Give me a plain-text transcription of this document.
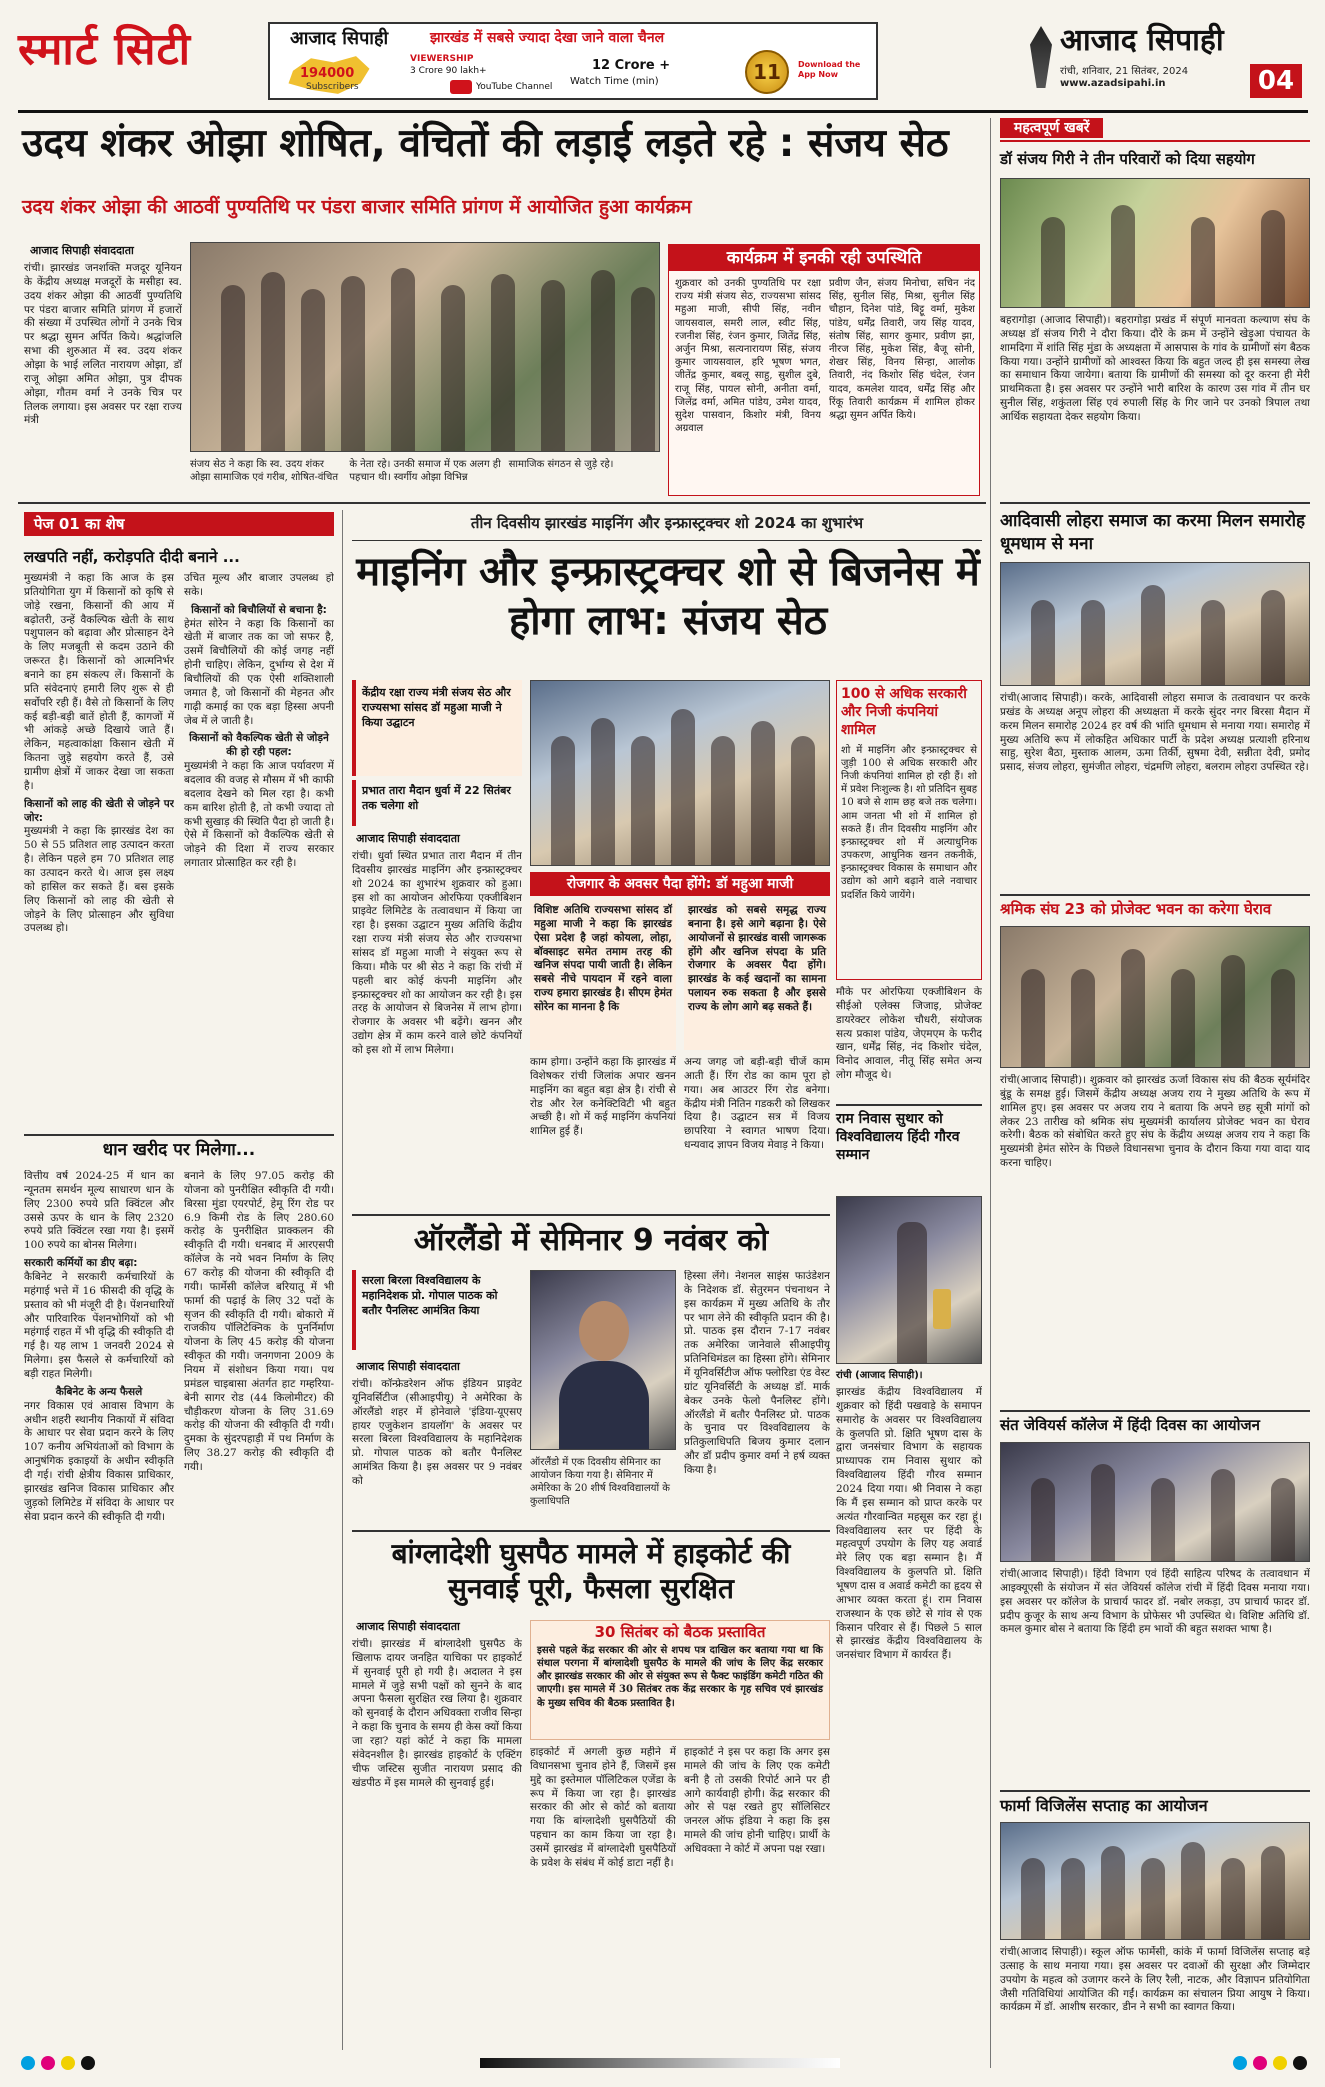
स्मार्ट सिटी	आजाद सिपाही	झारखंड में सबसे ज्यादा देखा जाने वाला चैनल
194000
Subscribers
VIEWERSHIP
3 Crore 90 lakh+
YouTube Channel
12 Crore +
Watch Time (min)	11	Download the App Now
आजाद सिपाही
रांची, शनिवार, 21 सितंबर, 2024
www.azadsipahi.in	04
उदय शंकर ओझा शोषित, वंचितों की लड़ाई लड़ते रहे : संजय सेठ
उदय शंकर ओझा की आठवीं पुण्यतिथि पर पंडरा बाजार समिति प्रांगण में आयोजित हुआ कार्यक्रम
आजाद सिपाही संवाददाता
रांची। झारखंड जनशक्ति मजदूर यूनियन के केंद्रीय अध्यक्ष मजदूरों के मसीहा स्व. उदय शंकर ओझा की आठवीं पुण्यतिथि पर पंडरा बाजार समिति प्रांगण में हजारों की संख्या में उपस्थित लोगों ने उनके चित्र पर श्रद्धा सुमन अर्पित किये। श्रद्धांजलि सभा की शुरुआत में स्व. उदय शंकर ओझा के भाई ललित नारायण ओझा, डॉ राजू ओझा अमित ओझा, पुत्र दीपक ओझा, गौतम वर्मा ने उनके चित्र पर तिलक लगाया। इस अवसर पर रक्षा राज्य मंत्री
संजय सेठ ने कहा कि स्व. उदय शंकर ओझा सामाजिक एवं गरीब, शोषित-वंचित के नेता रहे। उनकी समाज में एक अलग ही पहचान थी। स्वर्गीय ओझा विभिन्न सामाजिक संगठन से जुड़े रहे।
कार्यक्रम में इनकी रही उपस्थिति
शुक्रवार को उनकी पुण्यतिथि पर रक्षा राज्य मंत्री संजय सेठ, राज्यसभा सांसद महुआ माजी, सीपी सिंह, नवीन जायसवाल, समरी लाल, स्वीट सिंह, रजनीश सिंह, रंजन कुमार, जितेंद्र सिंह, अर्जुन मिश्रा, सत्यनारायण सिंह, संजय कुमार जायसवाल, हरि भूषण भगत, जीतेंद्र कुमार, बबलू साहु, सुशील दुबे, राजू सिंह, पायल सोनी, अनीता वर्मा, जिलेंद्र वर्मा, अमित पांडेय, उमेश यादव, सुदेश पासवान, किशोर मंत्री, विनय अग्रवाल
प्रवीण जैन, संजय मिनोचा, सचिन नंद सिंह, सुनील सिंह, मिश्रा, सुनील सिंह चौहान, दिनेश पांडे, बिट्टू वर्मा, मुकेश पांडेय, धर्मेंद्र तिवारी, जय सिंह यादव, संतोष सिंह, सागर कुमार, प्रवीण झा, नीरज सिंह, मुकेश सिंह, बैजू सोनी, शेखर सिंह, विनय सिन्हा, आलोक तिवारी, नंद किशोर सिंह चंदेल, रंजन यादव, कमलेश यादव, धर्मेंद्र सिंह और रिंकू तिवारी कार्यक्रम में शामिल होकर श्रद्धा सुमन अर्पित किये।
महत्वपूर्ण खबरें
डॉ संजय गिरी ने तीन परिवारों को दिया सहयोग
बहरागोड़ा (आजाद सिपाही)। बहरागोड़ा प्रखंड में संपूर्ण मानवता कल्याण संघ के अध्यक्ष डॉ संजय गिरी ने दौरा किया। दौरे के क्रम में उन्होंने खेड़ुआ पंचायत के शामदिगा में शांति सिंह मुंडा के अध्यक्षता में आसपास के गांव के ग्रामीणों संग बैठक किया गया। उन्होंने ग्रामीणों को आश्वस्त किया कि बहुत जल्द ही इस समस्या लेख का समाधान किया जायेगा। बताया कि ग्रामीणों की समस्या को दूर करना ही मेरी प्राथमिकता है। इस अवसर पर उन्होंने भारी बारिश के कारण उस गांव में तीन घर सुनील सिंह, शकुंतला सिंह एवं रुपाली सिंह के गिर जाने पर उनको त्रिपाल तथा आर्थिक सहायता देकर सहयोग किया।
आदिवासी लोहरा समाज का करमा मिलन समारोह धूमधाम से मना
रांची(आजाद सिपाही)। करके, आदिवासी लोहरा समाज के तत्वावधान पर करके प्रखंड के अध्यक्ष अनूप लोहरा की अध्यक्षता में करके सुंदर नगर बिरसा मैदान में करम मिलन समारोह 2024 हर वर्ष की भांति धूमधाम से मनाया गया। समारोह में मुख्य अतिथि रूप में लोकहित अधिकार पार्टी के प्रदेश अध्यक्ष प्रत्याशी हरिनाथ साहु, सुरेश बैठा, मुस्ताक आलम, ऊमा तिर्की, सुषमा देवी, सन्नीता देवी, प्रमोद प्रसाद, संजय लोहरा, सुमंजीत लोहरा, चंद्रमणि लोहरा, बलराम लोहरा उपस्थित रहे।
श्रमिक संघ 23 को प्रोजेक्ट भवन का करेगा घेराव
रांची(आजाद सिपाही)। शुक्रवार को झारखंड ऊर्जा विकास संघ की बैठक सूर्यमंदिर बुंडू के समक्ष हुई। जिसमें केंद्रीय अध्यक्ष अजय राय ने मुख्य अतिथि के रूप में शामिल हुए। इस अवसर पर अजय राय ने बताया कि अपने छह सूत्री मांगों को लेकर 23 तारीख को श्रमिक संघ मुख्यमंत्री कार्यालय प्रोजेक्ट भवन का घेराव करेगी। बैठक को संबोधित करते हुए संघ के केंद्रीय अध्यक्ष अजय राय ने कहा कि मुख्यमंत्री हेमंत सोरेन के पिछले विधानसभा चुनाव के दौरान किया गया वादा याद करना चाहिए।
संत जेवियर्स कॉलेज में हिंदी दिवस का आयोजन
रांची(आजाद सिपाही)। हिंदी विभाग एवं हिंदी साहित्य परिषद के तत्वावधान में आइक्यूएसी के संयोजन में संत जेवियर्स कॉलेज रांची में हिंदी दिवस मनाया गया। इस अवसर पर कॉलेज के प्राचार्य फादर डॉ. नबोर लकड़ा, उप प्राचार्य फादर डॉ. प्रदीप कुजूर के साथ अन्य विभाग के प्रोफेसर भी उपस्थित थे। विशिष्ट अतिथि डॉ. कमल कुमार बोस ने बताया कि हिंदी हम भावों की बहुत सशक्त भाषा है।
फार्मा विजिलेंस सप्ताह का आयोजन
रांची(आजाद सिपाही)। स्कूल ऑफ फार्मेसी, कांके में फार्मा विजिलेंस सप्ताह बड़े उत्साह के साथ मनाया गया। इस अवसर पर दवाओं की सुरक्षा और जिम्मेदार उपयोग के महत्व को उजागर करने के लिए रैली, नाटक, और विज्ञापन प्रतियोगिता जैसी गतिविधियां आयोजित की गईं। कार्यक्रम का संचालन प्रिया आयुष ने किया। कार्यक्रम में डॉ. आशीष सरकार, डीन ने सभी का स्वागत किया।
पेज 01 का शेष
लखपति नहीं, करोड़पति दीदी बनाने ...
मुख्यमंत्री ने कहा कि आज के इस प्रतियोगिता युग में किसानों को कृषि से जोड़े रखना, किसानों की आय में बढ़ोतरी, उन्हें वैकल्पिक खेती के साथ पशुपालन को बढ़ावा और प्रोत्साहन देने के लिए मजबूती से कदम उठाने की जरूरत है। किसानों को आत्मनिर्भर बनाने का हम संकल्प लें। किसानों के प्रति संवेदनाएं हमारी लिए शुरू से ही सर्वोपरि रही हैं। वैसे तो किसानों के लिए कई बड़ी-बड़ी बातें होती हैं, कागजों में भी आंकड़े अच्छे दिखाये जाते हैं। लेकिन, महत्वाकांक्षा किसान खेती में कितना जुड़े सहयोग करते हैं, उसे ग्रामीण क्षेत्रों में जाकर देखा जा सकता है।
किसानों को लाह की खेती से जोड़ने पर जोर:
मुख्यमंत्री ने कहा कि झारखंड देश का 50 से 55 प्रतिशत लाह उत्पादन करता है। लेकिन पहले हम 70 प्रतिशत लाह का उत्पादन करते थे। आज इस लक्ष्य को हासिल कर सकते हैं। बस इसके लिए किसानों को लाह की खेती से जोड़ने के लिए प्रोत्साहन और सुविधा उपलब्ध हो।
उचित मूल्य और बाजार उपलब्ध हो सके।
किसानों को बिचौलियों से बचाना है:
हेमंत सोरेन ने कहा कि किसानों का खेती में बाजार तक का जो सफर है, उसमें बिचौलियों की कोई जगह नहीं होनी चाहिए। लेकिन, दुर्भाग्य से देश में बिचौलियों की एक ऐसी शक्तिशाली जमात है, जो किसानों की मेहनत और गाढ़ी कमाई का एक बड़ा हिस्सा अपनी जेब में ले जाती है।
किसानों को वैकल्पिक खेती से जोड़ने की हो रही पहल:
मुख्यमंत्री ने कहा कि आज पर्यावरण में बदलाव की वजह से मौसम में भी काफी बदलाव देखने को मिल रहा है। कभी कम बारिश होती है, तो कभी ज्यादा तो कभी सुखाड़ की स्थिति पैदा हो जाती है। ऐसे में किसानों को वैकल्पिक खेती से जोड़ने की दिशा में राज्य सरकार लगातार प्रोत्साहित कर रही है।
धान खरीद पर मिलेगा...
वित्तीय वर्ष 2024-25 में धान का न्यूनतम समर्थन मूल्य साधारण धान के लिए 2300 रुपये प्रति क्विंटल और उससे ऊपर के धान के लिए 2320 रुपये प्रति क्विंटल रखा गया है। इसमें 100 रुपये का बोनस मिलेगा।
सरकारी कर्मियों का डीए बढ़ा:
कैबिनेट ने सरकारी कर्मचारियों के महंगाई भत्ते में 16 फीसदी की वृद्धि के प्रस्ताव को भी मंजूरी दी है। पेंशनधारियों और पारिवारिक पेंशनभोगियों को भी महंगाई राहत में भी वृद्धि की स्वीकृति दी गई है। यह लाभ 1 जनवरी 2024 से मिलेगा। इस फैसले से कर्मचारियों को बड़ी राहत मिलेगी।
कैबिनेट के अन्य फैसले
नगर विकास एवं आवास विभाग के अधीन शहरी स्थानीय निकायों में संविदा के आधार पर सेवा प्रदान करने के लिए 107 कनीय अभियंताओं को विभाग के आनुषंगिक इकाइयों के अधीन स्वीकृति दी गई। रांची क्षेत्रीय विकास प्राधिकार, झारखंड खनिज विकास प्राधिकार और जुड़को लिमिटेड में संविदा के आधार पर सेवा प्रदान करने की स्वीकृति दी गयी।
बनाने के लिए 97.05 करोड़ की योजना को पुनरीक्षित स्वीकृति दी गयी। बिरसा मुंडा एयरपोर्ट, हेमू रिंग रोड पर 6.9 किमी रोड के लिए 280.60 करोड़ के पुनरीक्षित प्राक्कलन की स्वीकृति दी गयी। धनबाद में आरएसपी कॉलेज के नये भवन निर्माण के लिए 67 करोड़ की योजना की स्वीकृति दी गयी। फार्मेसी कॉलेज बरियातू में भी फार्मा की पढ़ाई के लिए 32 पदों के सृजन की स्वीकृति दी गयी। बोकारो में राजकीय पॉलिटेक्निक के पुनर्निर्माण योजना के लिए 45 करोड़ की योजना स्वीकृत की गयी। जनगणना 2009 के नियम में संशोधन किया गया। पथ प्रमंडल चाइबासा अंतर्गत हाट गम्हरिया-बेनी सागर रोड (44 किलोमीटर) की चौड़ीकरण योजना के लिए 31.69 करोड़ की योजना की स्वीकृति दी गयी। दुमका के सुंदरपहाड़ी में पथ निर्माण के लिए 38.27 करोड़ की स्वीकृति दी गयी।
तीन दिवसीय झारखंड माइनिंग और इन्फ्रास्ट्रक्चर शो 2024 का शुभारंभ
माइनिंग और इन्फ्रास्ट्रक्चर शो से बिजनेस में होगा लाभ: संजय सेठ
केंद्रीय रक्षा राज्य मंत्री संजय सेठ और राज्यसभा सांसद डॉ महुआ माजी ने किया उद्घाटन
प्रभात तारा मैदान धुर्वा में 22 सितंबर तक चलेगा शो
100 से अधिक सरकारी और निजी कंपनियां शामिल
शो में माइनिंग और इन्फ्रास्ट्रक्चर से जुड़ी 100 से अधिक सरकारी और निजी कंपनियां शामिल हो रही हैं। शो में प्रवेश निःशुल्क है। शो प्रतिदिन सुबह 10 बजे से शाम छह बजे तक चलेगा। आम जनता भी शो में शामिल हो सकते हैं। तीन दिवसीय माइनिंग और इन्फ्रास्ट्रक्चर शो में अत्याधुनिक उपकरण, आधुनिक खनन तकनीकें, इन्फ्रास्ट्रक्चर विकास के समाधान और उद्योग को आगे बढ़ाने वाले नवाचार प्रदर्शित किये जायेंगे।
आजाद सिपाही संवाददाता
रांची। धुर्वा स्थित प्रभात तारा मैदान में तीन दिवसीय झारखंड माइनिंग और इन्फ्रास्ट्रक्चर शो 2024 का शुभारंभ शुक्रवार को हुआ। इस शो का आयोजन ओरफिया एक्जीबिशन प्राइवेट लिमिटेड के तत्वावधान में किया जा रहा है। इसका उद्घाटन मुख्य अतिथि केंद्रीय रक्षा राज्य मंत्री संजय सेठ और राज्यसभा सांसद डॉ महुआ माजी ने संयुक्त रूप से किया। मौके पर श्री सेठ ने कहा कि रांची में पहली बार कोई कंपनी माइनिंग और इन्फ्रास्ट्रक्चर शो का आयोजन कर रही है। इस तरह के आयोजन से बिजनेस में लाभ होगा। रोजगार के अवसर भी बढ़ेंगे। खनन और उद्योग क्षेत्र में काम करने वाले छोटे कंपनियों को इस शो में लाभ मिलेगा।
रोजगार के अवसर पैदा होंगे: डॉ महुआ माजी
विशिष्ट अतिथि राज्यसभा सांसद डॉ महुआ माजी ने कहा कि झारखंड ऐसा प्रदेश है जहां कोयला, लोहा, बॉक्साइट समेत तमाम तरह की खनिज संपदा पायी जाती है। लेकिन सबसे नीचे पायदान में रहने वाला राज्य हमारा झारखंड है। सीएम हेमंत सोरेन का मानना है कि
झारखंड को सबसे समृद्ध राज्य बनाना है। इसे आगे बढ़ाना है। ऐसे आयोजनों से झारखंड वासी जागरूक होंगे और खनिज संपदा के प्रति रोजगार के अवसर पैदा होंगे। झारखंड के कई खदानों का सामना पलायन रुक सकता है और इससे राज्य के लोग आगे बढ़ सकते हैं।
काम होगा। उन्होंने कहा कि झारखंड में विशेषकर रांची जिलांक अपार खनन माइनिंग का बहुत बड़ा क्षेत्र है। रांची से रोड और रेल कनेक्टिविटी भी बहुत अच्छी है। शो में कई माइनिंग कंपनियां शामिल हुई हैं।
अन्य जगह जो बड़ी-बड़ी चीजें काम आती हैं। रिंग रोड का काम पूरा हो गया। अब आउटर रिंग रोड बनेगा। केंद्रीय मंत्री नितिन गडकरी को लिखकर दिया है। उद्घाटन सत्र में विजय छापरिया ने स्वागत भाषण दिया। धन्यवाद ज्ञापन विजय मेवाड़ ने किया।
मौके पर ओरफिया एक्जीबिशन के सीईओ एलेक्स जिजाइ, प्रोजेक्ट डायरेक्टर लोकेश चौधरी, संयोजक सत्य प्रकाश पांडेय, जेएमएम के फरीद खान, धर्मेंद्र सिंह, नंद किशोर चंदेल, विनोद आवाल, नीतू सिंह समेत अन्य लोग मौजूद थे।
राम निवास सुथार को विश्वविद्यालय हिंदी गौरव सम्मान
रांची (आजाद सिपाही)।
झारखंड केंद्रीय विश्वविद्यालय में शुक्रवार को हिंदी पखवाड़े के समापन समारोह के अवसर पर विश्वविद्यालय के कुलपति प्रो. क्षिति भूषण दास के द्वारा जनसंचार विभाग के सहायक प्राध्यापक राम निवास सुथार को विश्वविद्यालय हिंदी गौरव सम्मान 2024 दिया गया। श्री निवास ने कहा कि मैं इस सम्मान को प्राप्त करके पर अत्यंत गौरवान्वित महसूस कर रहा हूं। विश्वविद्यालय स्तर पर हिंदी के महत्वपूर्ण उपयोग के लिए यह अवार्ड मेरे लिए एक बड़ा सम्मान है। मैं विश्वविद्यालय के कुलपति प्रो. क्षिति भूषण दास व अवार्ड कमेटी का हृदय से आभार व्यक्त करता हूं। राम निवास राजस्थान के एक छोटे से गांव से एक किसान परिवार से हैं। पिछले 5 साल से झारखंड केंद्रीय विश्वविद्यालय के जनसंचार विभाग में कार्यरत हैं।
ऑरलैंडो में सेमिनार 9 नवंबर को
सरला बिरला विश्वविद्यालय के महानिदेशक प्रो. गोपाल पाठक को बतौर पैनलिस्ट आमंत्रित किया
आजाद सिपाही संवाददाता
रांची। कॉन्फ्रेडरेशन ऑफ इंडियन प्राइवेट यूनिवर्सिटीज (सीआइपीयू) ने अमेरिका के ऑरलैंडो शहर में होनेवाले 'इंडिया-यूएसए हायर एजुकेशन डायलॉग' के अवसर पर सरला बिरला विश्वविद्यालय के महानिदेशक प्रो. गोपाल पाठक को बतौर पैनलिस्ट आमंत्रित किया है। इस अवसर पर 9 नवंबर को
ऑरलैंडो में एक दिवसीय सेमिनार का आयोजन किया गया है। सेमिनार में अमेरिका के 20 शीर्ष विश्वविद्यालयों के कुलाधिपति
हिस्सा लेंगे। नेशनल साइंस फाउंडेशन के निदेशक डॉ. सेतुरमन पंचनाथन ने इस कार्यक्रम में मुख्य अतिथि के तौर पर भाग लेने की स्वीकृति प्रदान की है। प्रो. पाठक इस दौरान 7-17 नवंबर तक अमेरिका जानेवाले सीआइपीयू प्रतिनिधिमंडल का हिस्सा होंगे। सेमिनार में यूनिवर्सिटीज ऑफ फ्लोरिडा एंड वेस्ट ग्रांट यूनिवर्सिटी के अध्यक्ष डॉ. मार्क बेकर उनके फेलो पैनलिस्ट होंगे। ऑरलैंडो में बतौर पैनलिस्ट प्रो. पाठक के चुनाव पर विश्वविद्यालय के प्रतिकुलाधिपति बिजय कुमार दलान और डॉ प्रदीप कुमार वर्मा ने हर्ष व्यक्त किया है।
बांग्लादेशी घुसपैठ मामले में हाइकोर्ट की सुनवाई पूरी, फैसला सुरक्षित
आजाद सिपाही संवाददाता
रांची। झारखंड में बांग्लादेशी घुसपैठ के खिलाफ दायर जनहित याचिका पर हाइकोर्ट में सुनवाई पूरी हो गयी है। अदालत ने इस मामले में जुड़े सभी पक्षों को सुनने के बाद अपना फैसला सुरक्षित रख लिया है। शुक्रवार को सुनवाई के दौरान अधिवक्ता राजीव सिन्हा ने कहा कि चुनाव के समय ही केस क्यों किया जा रहा? यहां कोर्ट ने कहा कि मामला संवेदनशील है। झारखंड हाइकोर्ट के एक्टिंग चीफ जस्टिस सुजीत नारायण प्रसाद की खंडपीठ में इस मामले की सुनवाई हुई।
30 सितंबर को बैठक प्रस्तावित
इससे पहले केंद्र सरकार की ओर से शपथ पत्र दाखिल कर बताया गया था कि संथाल परगना में बांग्लादेशी घुसपैठ के मामले की जांच के लिए केंद्र सरकार और झारखंड सरकार की ओर से संयुक्त रूप से फैक्ट फाइंडिंग कमेटी गठित की जाएगी। इस मामले में 30 सितंबर तक केंद्र सरकार के गृह सचिव एवं झारखंड के मुख्य सचिव की बैठक प्रस्तावित है।
हाइकोर्ट में अगली कुछ महीने में विधानसभा चुनाव होने हैं, जिसमें इस मुद्दे का इस्तेमाल पॉलिटिकल एजेंडा के रूप में किया जा रहा है। झारखंड सरकार की ओर से कोर्ट को बताया गया कि बांग्लादेशी घुसपैठियों की पहचान का काम किया जा रहा है। उसमें झारखंड में बांग्लादेशी घुसपैठियों के प्रवेश के संबंध में कोई डाटा नहीं है।
हाइकोर्ट ने इस पर कहा कि अगर इस मामले की जांच के लिए एक कमेटी बनी है तो उसकी रिपोर्ट आने पर ही आगे कार्यवाही होगी। केंद्र सरकार की ओर से पक्ष रखते हुए सॉलिसिटर जनरल ऑफ इंडिया ने कहा कि इस मामले की जांच होनी चाहिए। प्रार्थी के अधिवक्ता ने कोर्ट में अपना पक्ष रखा।
